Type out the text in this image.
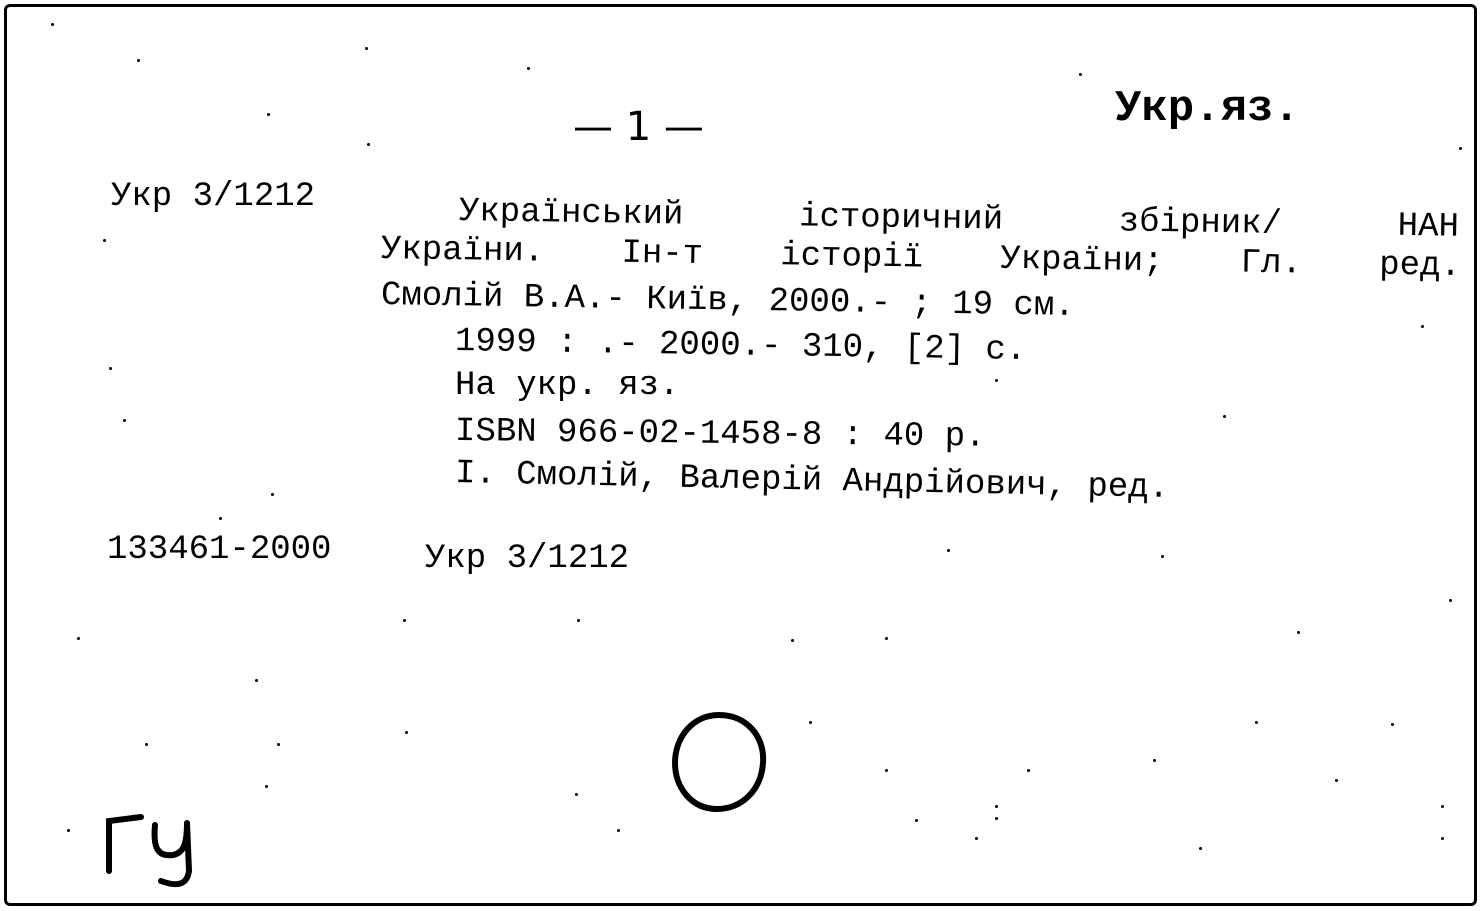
— 1 —	Укр.яз.
Укр 3/1212	Український	історичний	збірник/	НАН
України. Ін-т історії України; Гл. ред.
Смолій В.А.- Київ, 2000.- ; 19 см.
1999 : .- 2000.- 310, [2] с.
На укр. яз.
ISBN 966-02-1458-8 : 40 р.
I. Смолій, Валерій Андрійович, ред.
133461-2000	Укр 3/1212
